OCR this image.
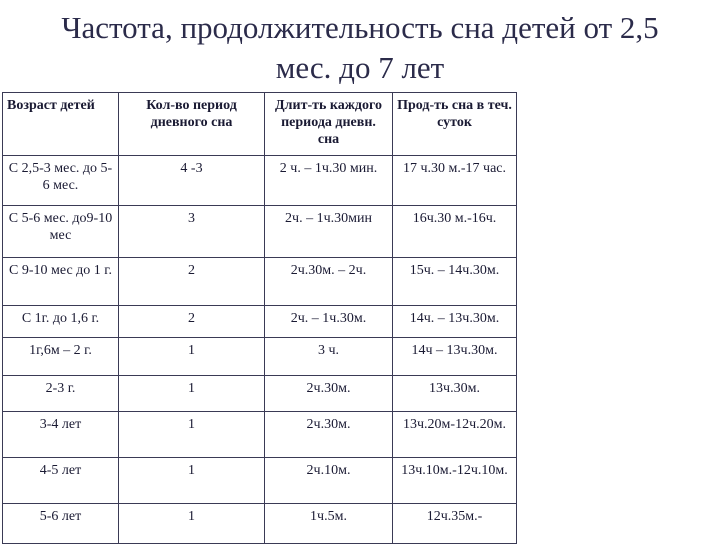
Частота, продолжительность сна детей от 2,5
мес. до 7 лет
Возраст детей	Кол-во период дневного сна	Длит-ть каждого периода дневн. сна	Прод-ть сна в теч. суток
С 2,5-3 мес. до 5-6 мес.	4 -3	2 ч. – 1ч.30 мин.	17 ч.30 м.-17 час.
С 5-6 мес. до9-10 мес	3	2ч. – 1ч.30мин	16ч.30 м.-16ч.
С 9-10 мес до 1 г.	2	2ч.30м. – 2ч.	15ч. – 14ч.30м.
С 1г. до 1,6 г.	2	2ч. – 1ч.30м.	14ч. – 13ч.30м.
1г,6м – 2 г.	1	3 ч.	14ч – 13ч.30м.
2-3 г.	1	2ч.30м.	13ч.30м.
3-4 лет	1	2ч.30м.	13ч.20м-12ч.20м.
4-5 лет	1	2ч.10м.	13ч.10м.-12ч.10м.
5-6 лет	1	1ч.5м.	12ч.35м.-
